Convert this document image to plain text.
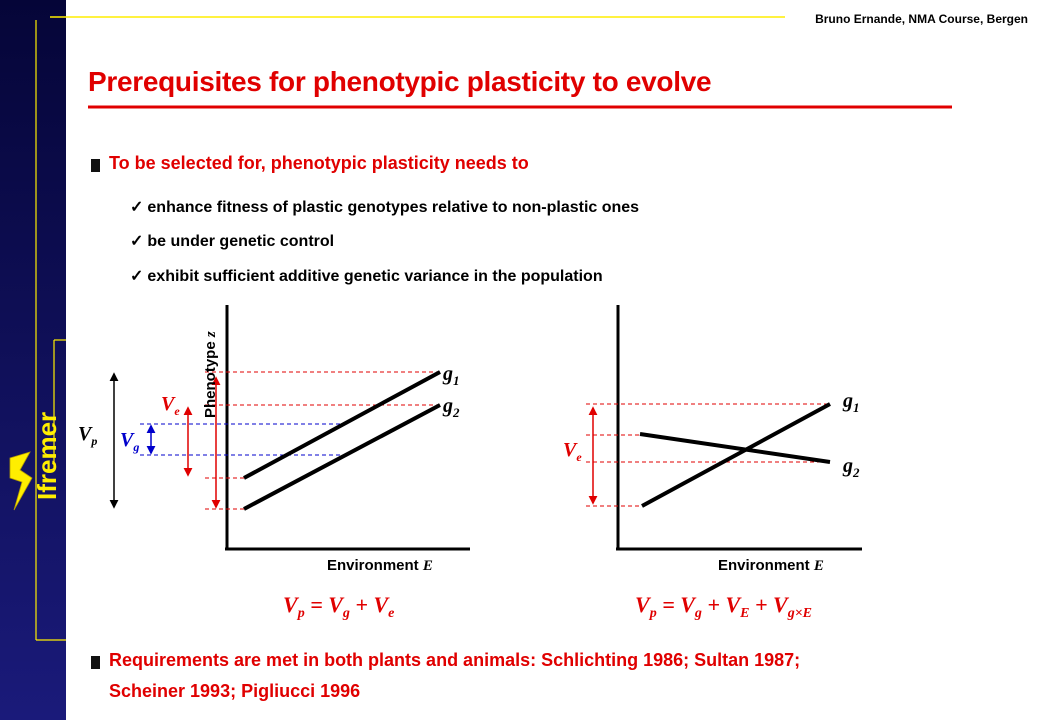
Ifremer
Bruno Ernande, NMA Course, Bergen
Prerequisites for phenotypic plasticity to evolve
To be selected for, phenotypic plasticity needs to
✓ enhance fitness of plastic genotypes relative to non-plastic ones
✓ be under genetic control
✓ exhibit sufficient additive genetic variance in the population
Phenotype z
Environment E
$g_1$
$g_2$
$V_e$
$V_g$
$V_p$
$V_p = V_g + V_e$
Environment E
$g_1$
$g_2$
$V_e$
$V_p = V_g + V_E + V_{g\times E}$
Requirements are met in both plants and animals: Schlichting 1986; Sultan 1987;
Scheiner 1993; Pigliucci 1996
